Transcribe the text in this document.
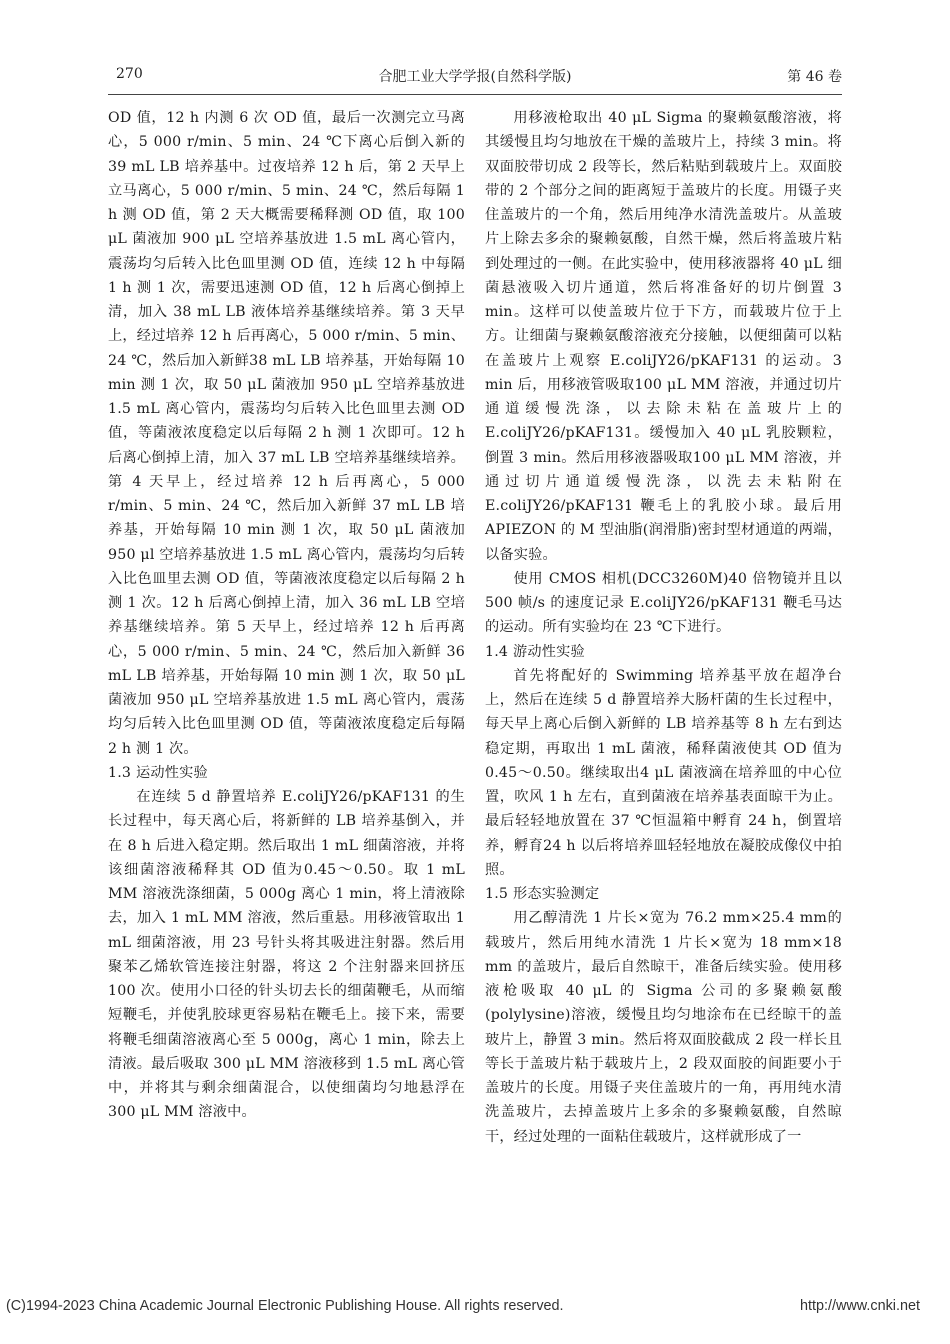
270	合肥工业大学学报(自然科学版)	第 46 卷

OD 值，12 h 内测 6 次 OD 值，最后一次测完立马离心，5 000 r/min、5 min、24 ℃下离心后倒入新的 39 mL LB 培养基中。过夜培养 12 h 后，第 2 天早上立马离心，5 000 r/min、5 min、24 ℃，然后每隔 1 h 测 OD 值，第 2 天大概需要稀释测 OD 值，取 100 μL 菌液加 900 μL 空培养基放进 1.5 mL 离心管内，震荡均匀后转入比色皿里测 OD 值，连续 12 h 中每隔 1 h 测 1 次，需要迅速测 OD 值，12 h 后离心倒掉上清，加入 38 mL LB 液体培养基继续培养。第 3 天早上，经过培养 12 h 后再离心，5 000 r/min、5 min、24 ℃，然后加入新鲜38 mL LB 培养基，开始每隔 10 min 测 1 次，取 50 μL 菌液加 950 μL 空培养基放进 1.5 mL 离心管内，震荡均匀后转入比色皿里去测 OD 值，等菌液浓度稳定以后每隔 2 h 测 1 次即可。12 h 后离心倒掉上清，加入 37 mL LB 空培养基继续培养。第 4 天早上，经过培养 12 h 后再离心，5 000 r/min、5 min、24 ℃，然后加入新鲜 37 mL LB 培养基，开始每隔 10 min 测 1 次，取 50 μL 菌液加 950 μl 空培养基放进 1.5 mL 离心管内，震荡均匀后转入比色皿里去测 OD 值，等菌液浓度稳定以后每隔 2 h 测 1 次。12 h 后离心倒掉上清，加入 36 mL LB 空培养基继续培养。第 5 天早上，经过培养 12 h 后再离心，5 000 r/min、5 min、24 ℃，然后加入新鲜 36 mL LB 培养基，开始每隔 10 min 测 1 次，取 50 μL 菌液加 950 μL 空培养基放进 1.5 mL 离心管内，震荡均匀后转入比色皿里测 OD 值，等菌液浓度稳定后每隔 2 h 测 1 次。

1.3 运动性实验

在连续 5 d 静置培养 E.coliJY26/pKAF131 的生长过程中，每天离心后，将新鲜的 LB 培养基倒入，并在 8 h 后进入稳定期。然后取出 1 mL 细菌溶液，并将该细菌溶液稀释其 OD 值为0.45～0.50。取 1 mL MM 溶液洗涤细菌，5 000g 离心 1 min，将上清液除去，加入 1 mL MM 溶液，然后重悬。用移液管取出 1 mL 细菌溶液，用 23 号针头将其吸进注射器。然后用聚苯乙烯软管连接注射器，将这 2 个注射器来回挤压 100 次。使用小口径的针头切去长的细菌鞭毛，从而缩短鞭毛，并使乳胶球更容易粘在鞭毛上。接下来，需要将鞭毛细菌溶液离心至 5 000g，离心 1 min，除去上清液。最后吸取 300 μL MM 溶液移到 1.5 mL 离心管中，并将其与剩余细菌混合，以使细菌均匀地悬浮在 300 μL MM 溶液中。

用移液枪取出 40 μL Sigma 的聚赖氨酸溶液，将其缓慢且均匀地放在干燥的盖玻片上，持续 3 min。将双面胶带切成 2 段等长，然后粘贴到载玻片上。双面胶带的 2 个部分之间的距离短于盖玻片的长度。用镊子夹住盖玻片的一个角，然后用纯净水清洗盖玻片。从盖玻片上除去多余的聚赖氨酸，自然干燥，然后将盖玻片粘到处理过的一侧。在此实验中，使用移液器将 40 μL 细菌悬液吸入切片通道，然后将准备好的切片倒置 3 min。这样可以使盖玻片位于下方，而载玻片位于上方。让细菌与聚赖氨酸溶液充分接触，以便细菌可以粘在盖玻片上观察 E.coliJY26/pKAF131 的运动。3 min 后，用移液管吸取100 μL MM 溶液，并通过切片通道缓慢洗涤，以去除未粘在盖玻片上的 E.coliJY26/pKAF131。缓慢加入 40 μL 乳胶颗粒，倒置 3 min。然后用移液器吸取100 μL MM 溶液，并通过切片通道缓慢洗涤，以洗去未粘附在 E.coliJY26/pKAF131 鞭毛上的乳胶小球。最后用 APIEZON 的 M 型油脂(润滑脂)密封型材通道的两端，以备实验。

使用 CMOS 相机(DCC3260M)40 倍物镜并且以 500 帧/s 的速度记录 E.coliJY26/pKAF131 鞭毛马达的运动。所有实验均在 23 ℃下进行。

1.4 游动性实验

首先将配好的 Swimming 培养基平放在超净台上，然后在连续 5 d 静置培养大肠杆菌的生长过程中，每天早上离心后倒入新鲜的 LB 培养基等 8 h 左右到达稳定期，再取出 1 mL 菌液，稀释菌液使其 OD 值为 0.45～0.50。继续取出4 μL 菌液滴在培养皿的中心位置，吹风 1 h 左右，直到菌液在培养基表面晾干为止。最后轻轻地放置在 37 ℃恒温箱中孵育 24 h，倒置培养，孵育24 h 以后将培养皿轻轻地放在凝胶成像仪中拍照。

1.5 形态实验测定

用乙醇清洗 1 片长×宽为 76.2 mm×25.4 mm的载玻片，然后用纯水清洗 1 片长×宽为 18 mm×18 mm 的盖玻片，最后自然晾干，准备后续实验。使用移液枪吸取 40 μL 的 Sigma 公司的多聚赖氨酸(polylysine)溶液，缓慢且均匀地涂布在已经晾干的盖玻片上，静置 3 min。然后将双面胶截成 2 段一样长且等长于盖玻片粘于载玻片上，2 段双面胶的间距要小于盖玻片的长度。用镊子夹住盖玻片的一角，再用纯水清洗盖玻片，去掉盖玻片上多余的多聚赖氨酸，自然晾干，经过处理的一面粘住载玻片，这样就形成了一

(C)1994-2023 China Academic Journal Electronic Publishing House. All rights reserved.	http://www.cnki.net
